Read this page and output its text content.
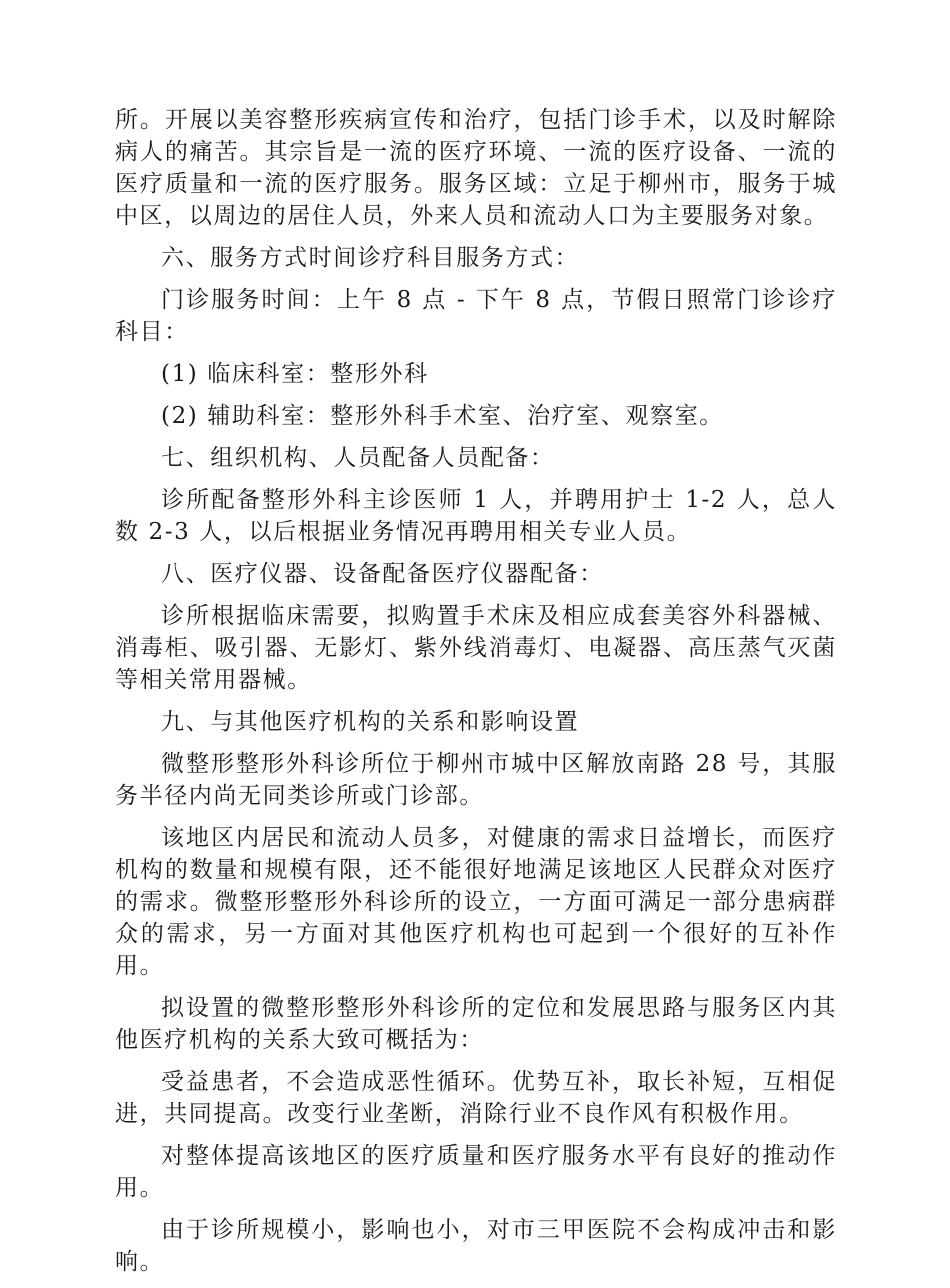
所。开展以美容整形疾病宣传和治疗，包括门诊手术，以及时解除病人的痛苦。其宗旨是一流的医疗环境、一流的医疗设备、一流的医疗质量和一流的医疗服务。服务区域：立足于柳州市，服务于城中区，以周边的居住人员，外来人员和流动人口为主要服务对象。

六、服务方式时间诊疗科目服务方式：

门诊服务时间：上午 8 点 - 下午 8 点，节假日照常门诊诊疗科目：

(1) 临床科室：整形外科

(2) 辅助科室：整形外科手术室、治疗室、观察室。

七、组织机构、人员配备人员配备：

诊所配备整形外科主诊医师 1 人，并聘用护士 1-2 人，总人数 2-3 人，以后根据业务情况再聘用相关专业人员。

八、医疗仪器、设备配备医疗仪器配备：

诊所根据临床需要，拟购置手术床及相应成套美容外科器械、消毒柜、吸引器、无影灯、紫外线消毒灯、电凝器、高压蒸气灭菌等相关常用器械。

九、与其他医疗机构的关系和影响设置

微整形整形外科诊所位于柳州市城中区解放南路 28 号，其服务半径内尚无同类诊所或门诊部。

该地区内居民和流动人员多，对健康的需求日益增长，而医疗机构的数量和规模有限，还不能很好地满足该地区人民群众对医疗的需求。微整形整形外科诊所的设立，一方面可满足一部分患病群众的需求，另一方面对其他医疗机构也可起到一个很好的互补作用。

拟设置的微整形整形外科诊所的定位和发展思路与服务区内其他医疗机构的关系大致可概括为：

受益患者，不会造成恶性循环。优势互补，取长补短，互相促进，共同提高。改变行业垄断，消除行业不良作风有积极作用。

对整体提高该地区的医疗质量和医疗服务水平有良好的推动作用。

由于诊所规模小，影响也小，对市三甲医院不会构成冲击和影响。
